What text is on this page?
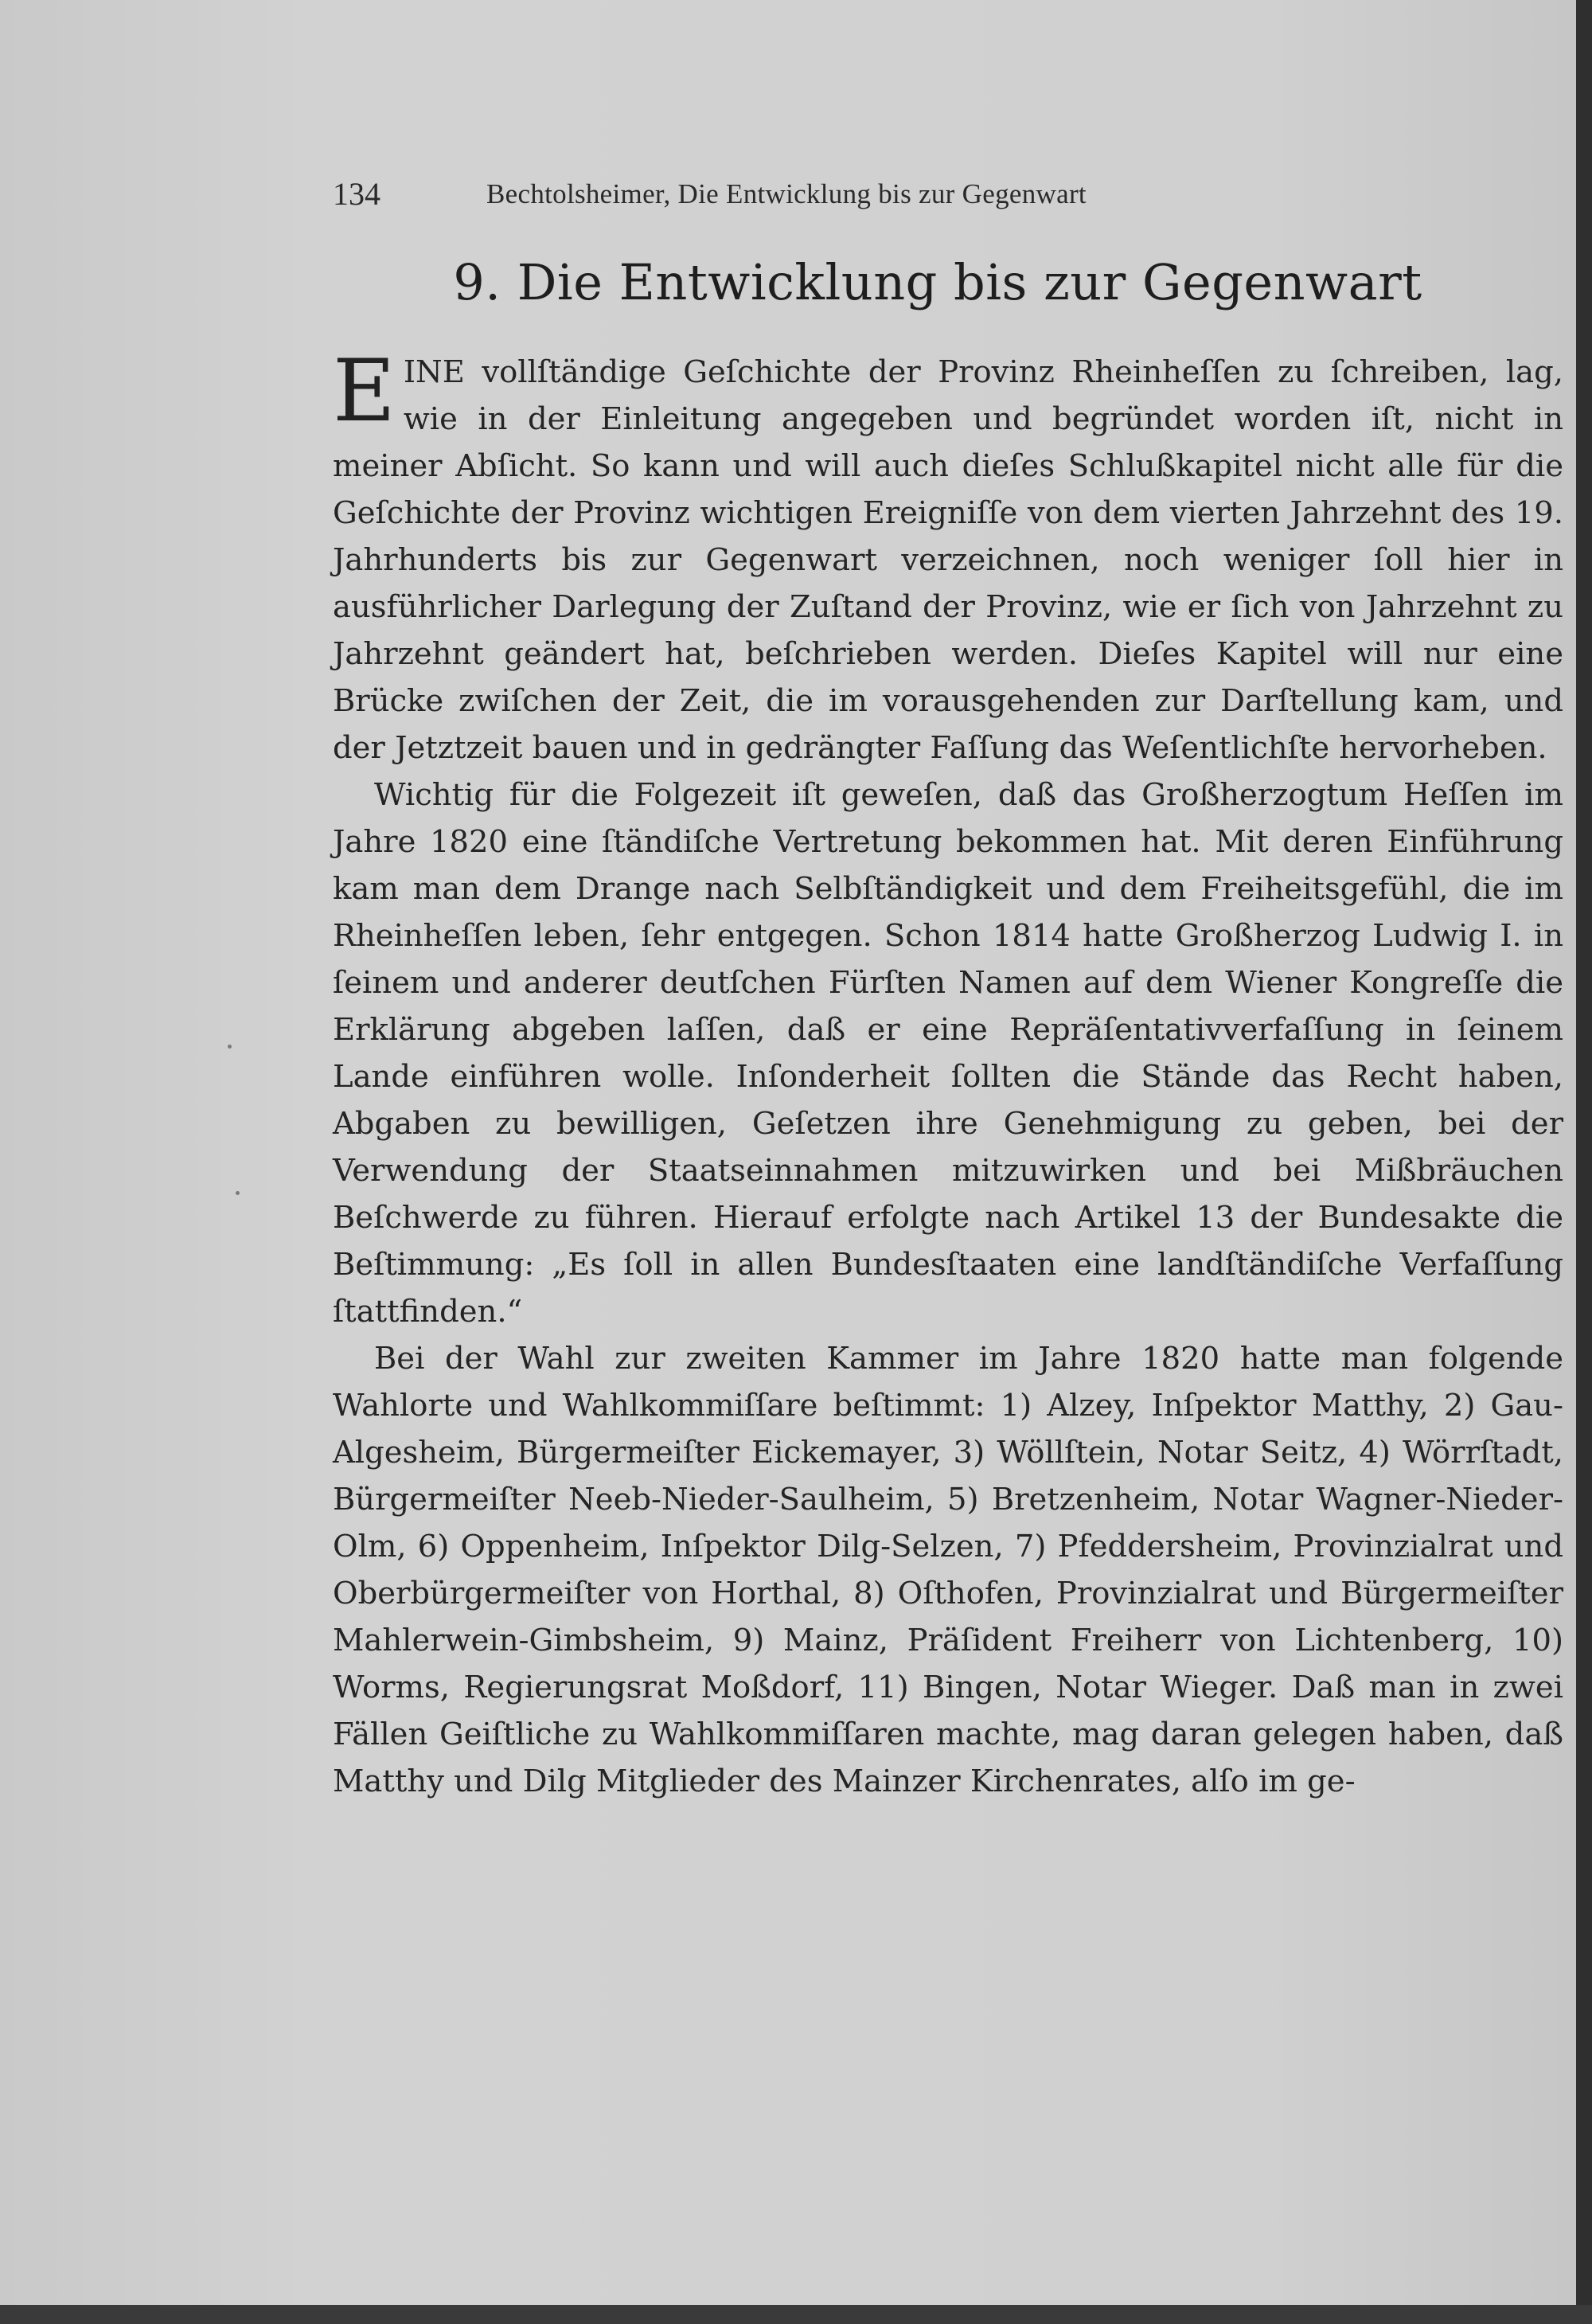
134	Bechtolsheimer, Die Entwicklung bis zur Gegenwart
9. Die Entwicklung bis zur Gegenwart

EINE vollſtändige Geſchichte der Provinz Rheinheſſen zu ſchreiben, lag, wie in der Einleitung angegeben und begründet worden iſt, nicht in meiner Abſicht. So kann und will auch dieſes Schlußkapitel nicht alle für die Geſchichte der Provinz wichtigen Ereigniſſe von dem vierten Jahrzehnt des 19. Jahrhunderts bis zur Gegenwart verzeichnen, noch weniger ſoll hier in ausführlicher Darlegung der Zuſtand der Provinz, wie er ſich von Jahrzehnt zu Jahrzehnt geändert hat, beſchrieben werden. Dieſes Kapitel will nur eine Brücke zwiſchen der Zeit, die im vorausgehenden zur Darſtellung kam, und der Jetztzeit bauen und in gedrängter Faſſung das Weſentlichſte hervorheben.

Wichtig für die Folgezeit iſt geweſen, daß das Großherzogtum Heſſen im Jahre 1820 eine ſtändiſche Vertretung bekommen hat. Mit deren Einführung kam man dem Drange nach Selbſtändigkeit und dem Freiheitsgefühl, die im Rheinheſſen leben, ſehr entgegen. Schon 1814 hatte Großherzog Ludwig I. in ſeinem und anderer deutſchen Fürſten Namen auf dem Wiener Kongreſſe die Erklärung abgeben laſſen, daß er eine Repräſentativverfaſſung in ſeinem Lande einführen wolle. Inſonderheit ſollten die Stände das Recht haben, Abgaben zu bewilligen, Geſetzen ihre Genehmigung zu geben, bei der Verwendung der Staatseinnahmen mitzuwirken und bei Mißbräuchen Beſchwerde zu führen. Hierauf erfolgte nach Artikel 13 der Bundesakte die Beſtimmung: „Es ſoll in allen Bundesſtaaten eine landſtändiſche Verfaſſung ſtattfinden.“

Bei der Wahl zur zweiten Kammer im Jahre 1820 hatte man folgende Wahlorte und Wahlkommiſſare beſtimmt: 1) Alzey, Inſpektor Matthy, 2) Gau-Algesheim, Bürgermeiſter Eickemayer, 3) Wöllſtein, Notar Seitz, 4) Wörrſtadt, Bürgermeiſter Neeb-Nieder-Saulheim, 5) Bretzenheim, Notar Wagner-Nieder-Olm, 6) Oppenheim, Inſpektor Dilg-Selzen, 7) Pfeddersheim, Provinzialrat und Oberbürgermeiſter von Horthal, 8) Oſthofen, Provinzialrat und Bürgermeiſter Mahlerwein-Gimbsheim, 9) Mainz, Präſident Freiherr von Lichtenberg, 10) Worms, Regierungsrat Moßdorf, 11) Bingen, Notar Wieger. Daß man in zwei Fällen Geiſtliche zu Wahlkommiſſaren machte, mag daran gelegen haben, daß Matthy und Dilg Mitglieder des Mainzer Kirchenrates, alſo im ge-
